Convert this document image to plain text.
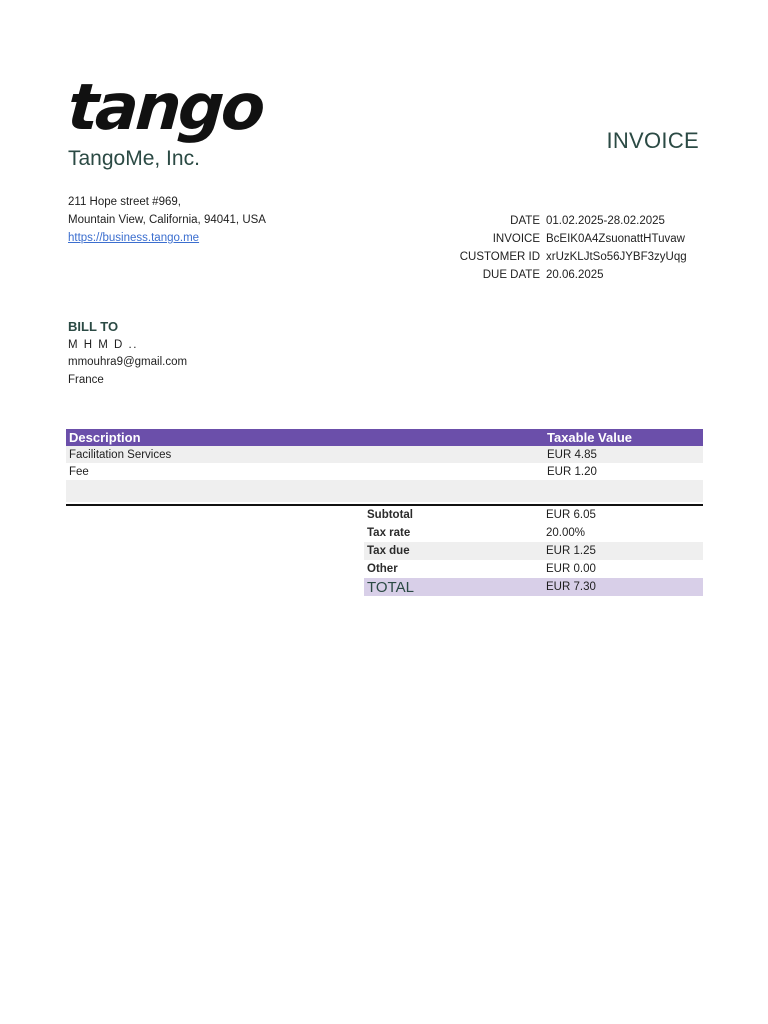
tango
TangoMe, Inc.
INVOICE
211 Hope street #969,
Mountain View, California, 94041, USA
https://business.tango.me
DATE 01.02.2025-28.02.2025
INVOICE BcEIK0A4ZsuonattHTuvaw
CUSTOMER ID xrUzKLJtSo56JYBF3zyUqg
DUE DATE 20.06.2025
BILL TO
M H M D ..
mmouhra9@gmail.com
France
Description	Taxable Value
Facilitation Services	EUR 4.85
Fee	EUR 1.20
Subtotal	EUR 6.05
Tax rate	20.00%
Tax due	EUR 1.25
Other	EUR 0.00
TOTAL	EUR 7.30
